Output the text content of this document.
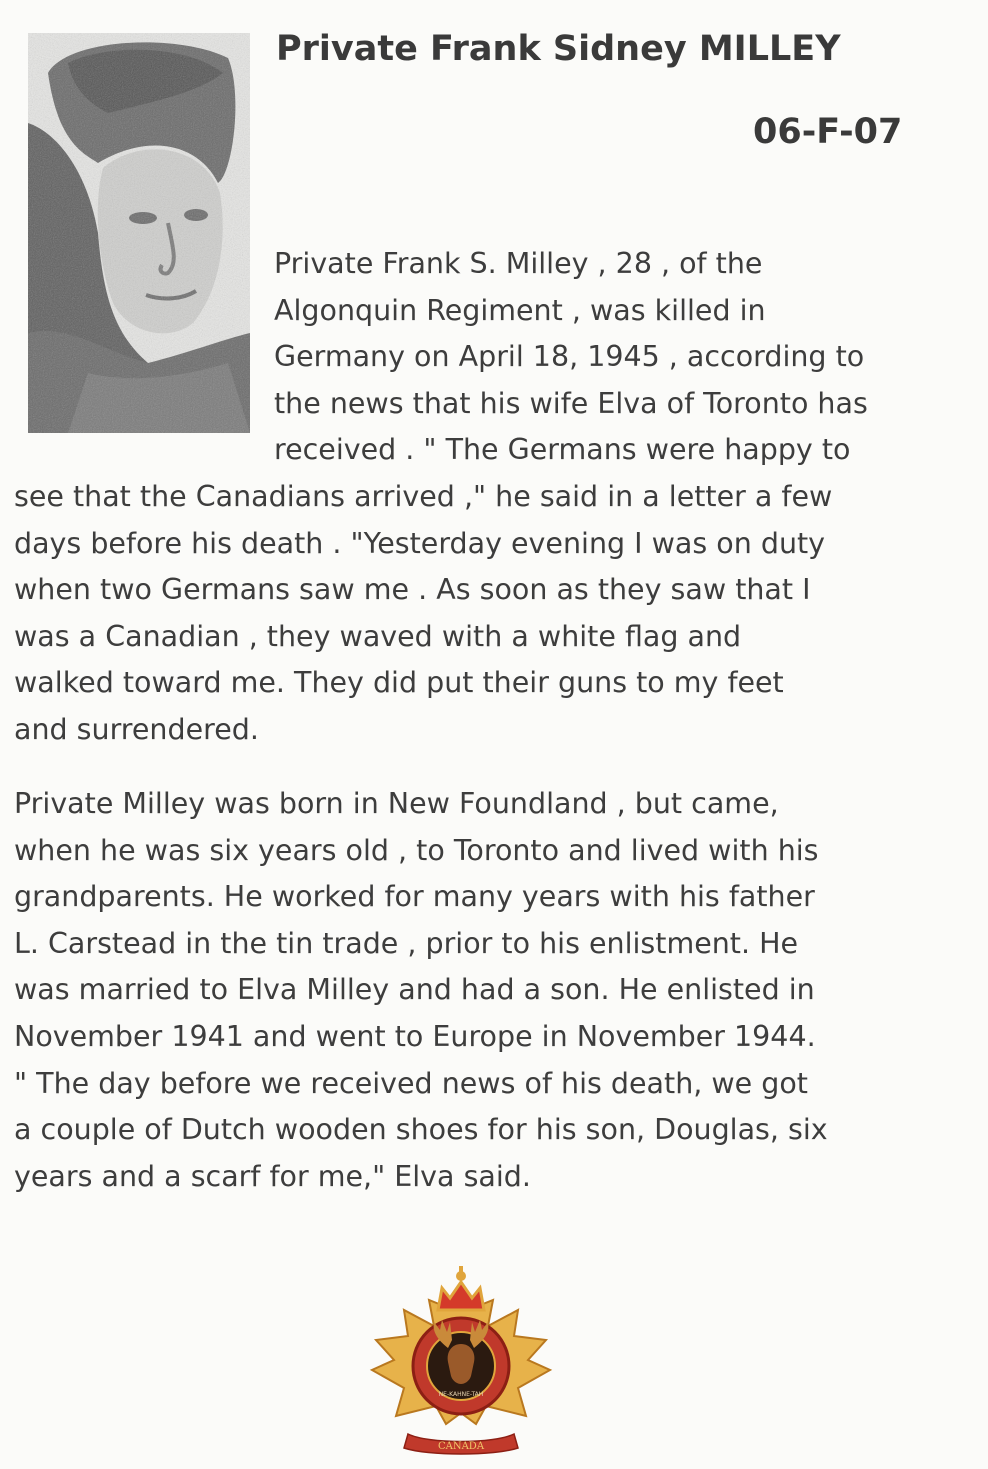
Private Frank Sidney MILLEY
06-F-07
Private Frank S. Milley , 28 , of the
Algonquin Regiment , was killed in
Germany on April 18, 1945 , according to
the news that his wife Elva of Toronto has
received . " The Germans were happy to
see that the Canadians arrived ," he said in a letter a few
days before his death . "Yesterday evening I was on duty
when two Germans saw me . As soon as they saw that I
was a Canadian , they waved with a white flag and
walked toward me. They did put their guns to my feet
and surrendered.
Private Milley was born in New Foundland , but came,
when he was six years old , to Toronto and lived with his
grandparents. He worked for many years with his father
L. Carstead in the tin trade , prior to his enlistment. He
was married to Elva Milley and had a son. He enlisted in
November 1941 and went to Europe in November 1944.
" The day before we received news of his death, we got
a couple of Dutch wooden shoes for his son, Douglas, six
years and a scarf for me," Elva said.
NE-KAHNE-TAH
CANADA
